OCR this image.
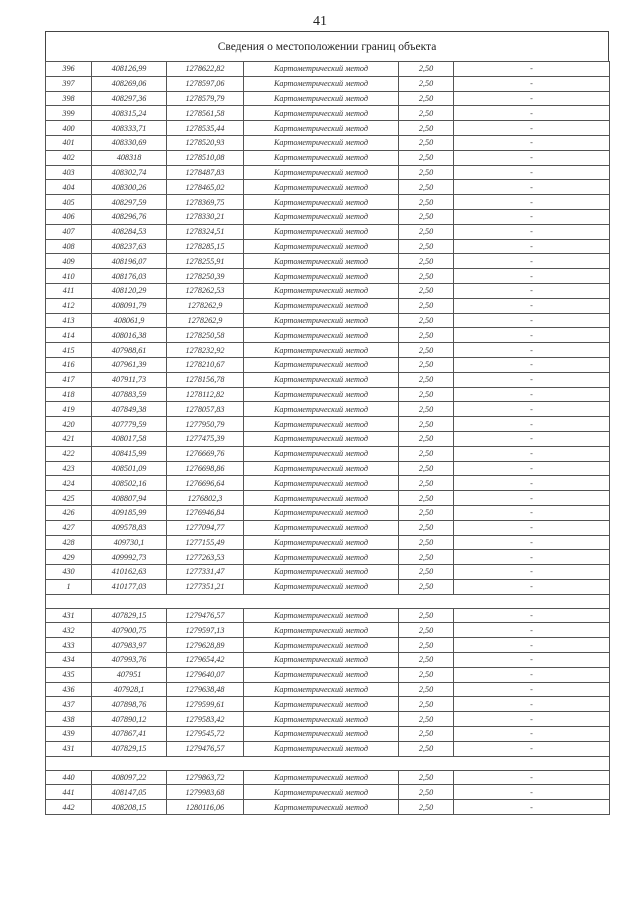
41
Сведения о местоположении границ объекта
396	408126,99	1278622,82	Картометрический метод	2,50	-
397	408269,06	1278597,06	Картометрический метод	2,50	-
398	408297,36	1278579,79	Картометрический метод	2,50	-
399	408315,24	1278561,58	Картометрический метод	2,50	-
400	408333,71	1278535,44	Картометрический метод	2,50	-
401	408330,69	1278520,93	Картометрический метод	2,50	-
402	408318	1278510,08	Картометрический метод	2,50	-
403	408302,74	1278487,83	Картометрический метод	2,50	-
404	408300,26	1278465,02	Картометрический метод	2,50	-
405	408297,59	1278369,75	Картометрический метод	2,50	-
406	408296,76	1278330,21	Картометрический метод	2,50	-
407	408284,53	1278324,51	Картометрический метод	2,50	-
408	408237,63	1278285,15	Картометрический метод	2,50	-
409	408196,07	1278255,91	Картометрический метод	2,50	-
410	408176,03	1278250,39	Картометрический метод	2,50	-
411	408120,29	1278262,53	Картометрический метод	2,50	-
412	408091,79	1278262,9	Картометрический метод	2,50	-
413	408061,9	1278262,9	Картометрический метод	2,50	-
414	408016,38	1278250,58	Картометрический метод	2,50	-
415	407988,61	1278232,92	Картометрический метод	2,50	-
416	407961,39	1278210,67	Картометрический метод	2,50	-
417	407911,73	1278156,78	Картометрический метод	2,50	-
418	407883,59	1278112,82	Картометрический метод	2,50	-
419	407849,38	1278057,83	Картометрический метод	2,50	-
420	407779,59	1277950,79	Картометрический метод	2,50	-
421	408017,58	1277475,39	Картометрический метод	2,50	-
422	408415,99	1276669,76	Картометрический метод	2,50	-
423	408501,09	1276698,86	Картометрический метод	2,50	-
424	408502,16	1276696,64	Картометрический метод	2,50	-
425	408807,94	1276802,3	Картометрический метод	2,50	-
426	409185,99	1276946,84	Картометрический метод	2,50	-
427	409578,83	1277094,77	Картометрический метод	2,50	-
428	409730,1	1277155,49	Картометрический метод	2,50	-
429	409992,73	1277263,53	Картометрический метод	2,50	-
430	410162,63	1277331,47	Картометрический метод	2,50	-
1	410177,03	1277351,21	Картометрический метод	2,50	-

431	407829,15	1279476,57	Картометрический метод	2,50	-
432	407900,75	1279597,13	Картометрический метод	2,50	-
433	407983,97	1279628,89	Картометрический метод	2,50	-
434	407993,76	1279654,42	Картометрический метод	2,50	-
435	407951	1279640,07	Картометрический метод	2,50	-
436	407928,1	1279638,48	Картометрический метод	2,50	-
437	407898,76	1279599,61	Картометрический метод	2,50	-
438	407890,12	1279583,42	Картометрический метод	2,50	-
439	407867,41	1279545,72	Картометрический метод	2,50	-
431	407829,15	1279476,57	Картометрический метод	2,50	-

440	408097,22	1279863,72	Картометрический метод	2,50	-
441	408147,05	1279983,68	Картометрический метод	2,50	-
442	408208,15	1280116,06	Картометрический метод	2,50	-
